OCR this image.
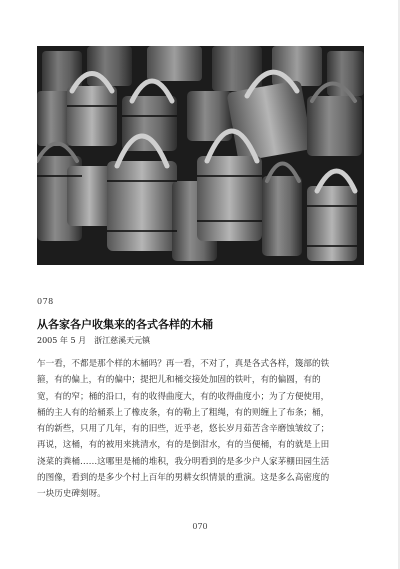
078
从各家各户收集来的各式各样的木桶
2005 年 5 月　浙江慈溪天元镇
乍一看，不都是那个样的木桶吗？再一看，不对了，真是各式各样，篾部的铁
箍，有的偏上，有的偏中；提把儿和桶交接处加固的铁叶，有的偏圆，有的
宽，有的窄；桶的沿口，有的收得曲度大，有的收得曲度小；为了方便使用，
桶的主人有的给桶系上了橡皮条，有的勒上了粗绳，有的则缠上了布条；桶，
有的新些，只用了几年，有的旧些，近乎老，悠长岁月茹苦含辛磨蚀皱纹了；
再说，这桶，有的被用来挑清水，有的是倒泔水，有的当便桶，有的就是上田
浇菜的粪桶……这哪里是桶的堆积，我分明看到的是多少户人家茅棚田园生活
的图像，看到的是多少个村上百年的男耕女织情景的重演。这是多么高密度的
一块历史碑刻呀。
070
